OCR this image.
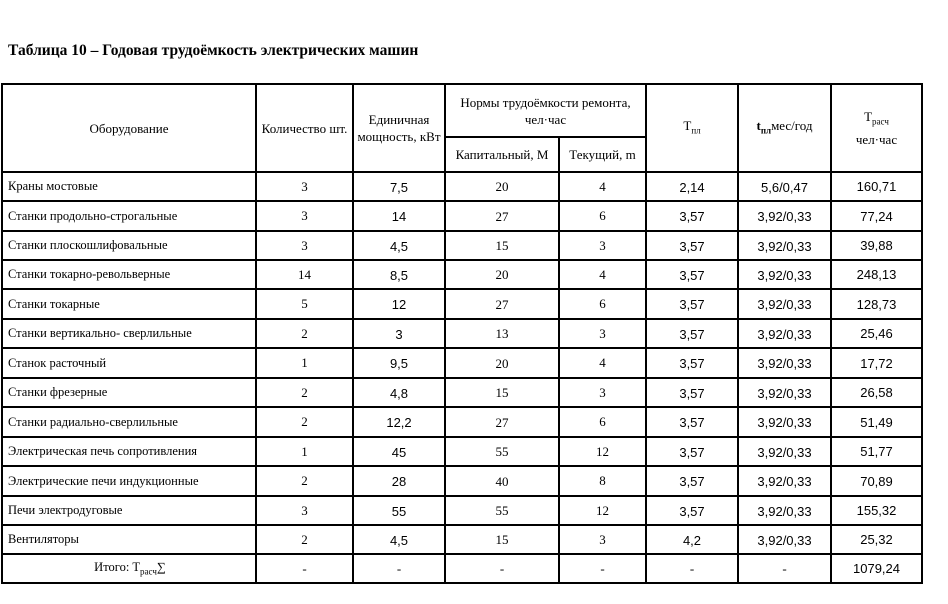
Таблица 10 – Годовая трудоёмкость электрических машин
Оборудование	Количество шт.	Единичная мощность, кВт	Нормы трудоёмкости ремонта, чел·час		$T_{пл}$	$t_{пл}мес$/год	$T_{расч}$
чел·час
			Капитальный, M	Текущий, m			
Краны мостовые	3	7,5	20	4	2,14	5,6/0,47	160,71
Станки продольно-строгальные	3	14	27	6	3,57	3,92/0,33	77,24
Станки плоскошлифовальные	3	4,5	15	3	3,57	3,92/0,33	39,88
Станки токарно-револьверные	14	8,5	20	4	3,57	3,92/0,33	248,13
Станки токарные	5	12	27	6	3,57	3,92/0,33	128,73
Станки вертикально- сверлильные	2	3	13	3	3,57	3,92/0,33	25,46
Станок расточный	1	9,5	20	4	3,57	3,92/0,33	17,72
Станки фрезерные	2	4,8	15	3	3,57	3,92/0,33	26,58
Станки радиально-сверлильные	2	12,2	27	6	3,57	3,92/0,33	51,49
Электрическая печь сопротивления	1	45	55	12	3,57	3,92/0,33	51,77
Электрические печи индукционные	2	28	40	8	3,57	3,92/0,33	70,89
Печи электродуговые	3	55	55	12	3,57	3,92/0,33	155,32
Вентиляторы	2	4,5	15	3	4,2	3,92/0,33	25,32
Итого: $T_{расч}\sum$	-	-	-	-	-	-	1079,24
